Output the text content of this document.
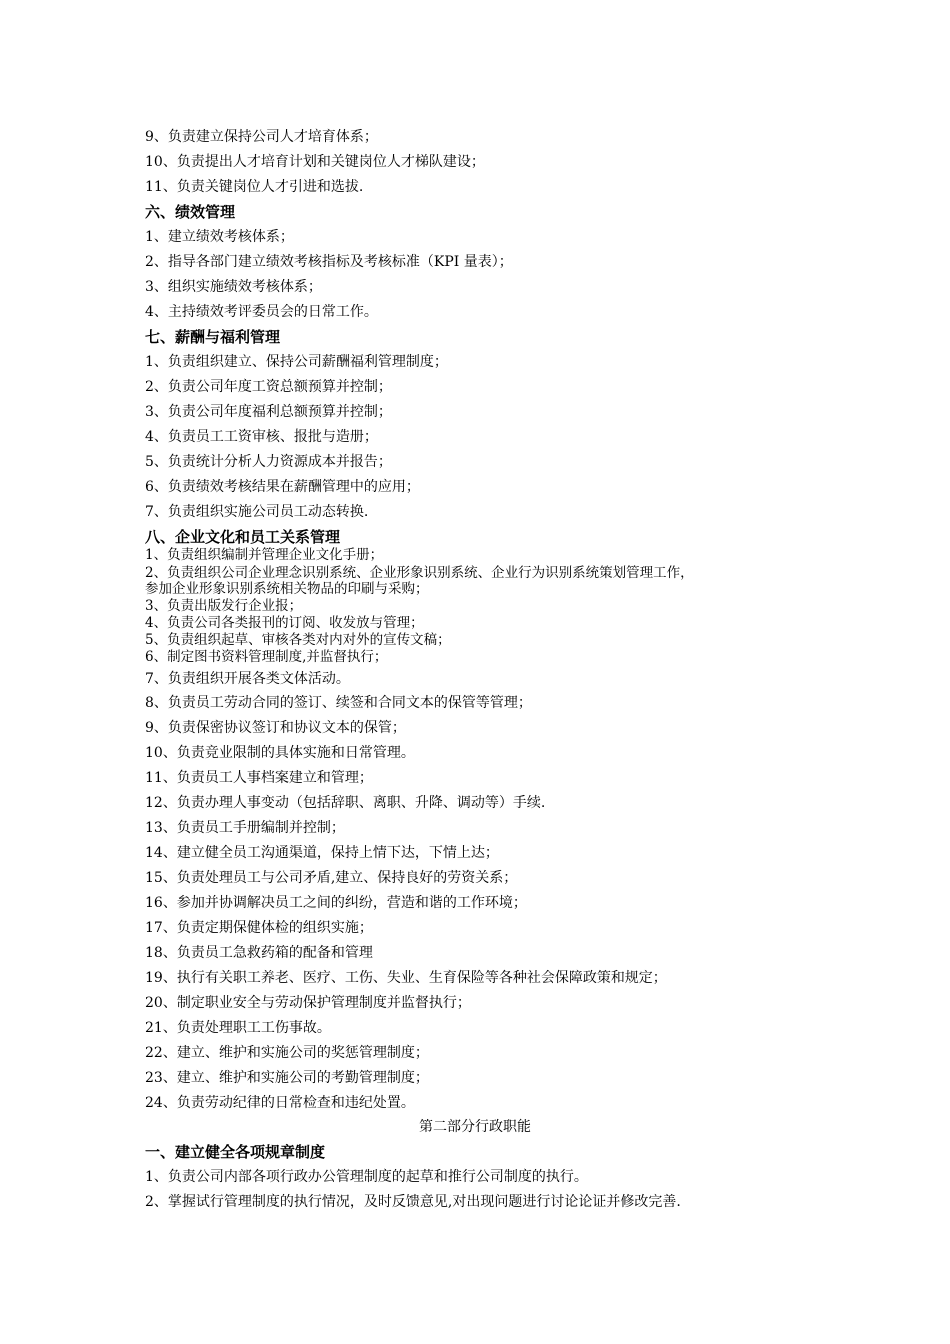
9、负责建立保持公司人才培育体系；
10、负责提出人才培育计划和关键岗位人才梯队建设；
11、负责关键岗位人才引进和选拔.
六、绩效管理
1、建立绩效考核体系；
2、指导各部门建立绩效考核指标及考核标准（KPI 量表）；
3、组织实施绩效考核体系；
4、主持绩效考评委员会的日常工作。
七、薪酬与福利管理
1、负责组织建立、保持公司薪酬福利管理制度；
2、负责公司年度工资总额预算并控制；
3、负责公司年度福利总额预算并控制；
4、负责员工工资审核、报批与造册；
5、负责统计分析人力资源成本并报告；
6、负责绩效考核结果在薪酬管理中的应用；
7、负责组织实施公司员工动态转换.
八、企业文化和员工关系管理
1、负责组织编制并管理企业文化手册；
2、负责组织公司企业理念识别系统、企业形象识别系统、企业行为识别系统策划管理工作，
参加企业形象识别系统相关物品的印刷与采购；
3、负责出版发行企业报；
4、负责公司各类报刊的订阅、收发放与管理；
5、负责组织起草、审核各类对内对外的宣传文稿；
6、制定图书资料管理制度,并监督执行；
7、负责组织开展各类文体活动。
8、负责员工劳动合同的签订、续签和合同文本的保管等管理；
9、负责保密协议签订和协议文本的保管；
10、负责竞业限制的具体实施和日常管理。
11、负责员工人事档案建立和管理；
12、负责办理人事变动（包括辞职、离职、升降、调动等）手续.
13、负责员工手册编制并控制；
14、建立健全员工沟通渠道，保持上情下达，下情上达；
15、负责处理员工与公司矛盾,建立、保持良好的劳资关系；
16、参加并协调解决员工之间的纠纷，营造和谐的工作环境；
17、负责定期保健体检的组织实施；
18、负责员工急救药箱的配备和管理
19、执行有关职工养老、医疗、工伤、失业、生育保险等各种社会保障政策和规定；
20、制定职业安全与劳动保护管理制度并监督执行；
21、负责处理职工工伤事故。
22、建立、维护和实施公司的奖惩管理制度；
23、建立、维护和实施公司的考勤管理制度；
24、负责劳动纪律的日常检查和违纪处置。
第二部分行政职能
一、建立健全各项规章制度
1、负责公司内部各项行政办公管理制度的起草和推行公司制度的执行。
2、掌握试行管理制度的执行情况，及时反馈意见,对出现问题进行讨论论证并修改完善.
